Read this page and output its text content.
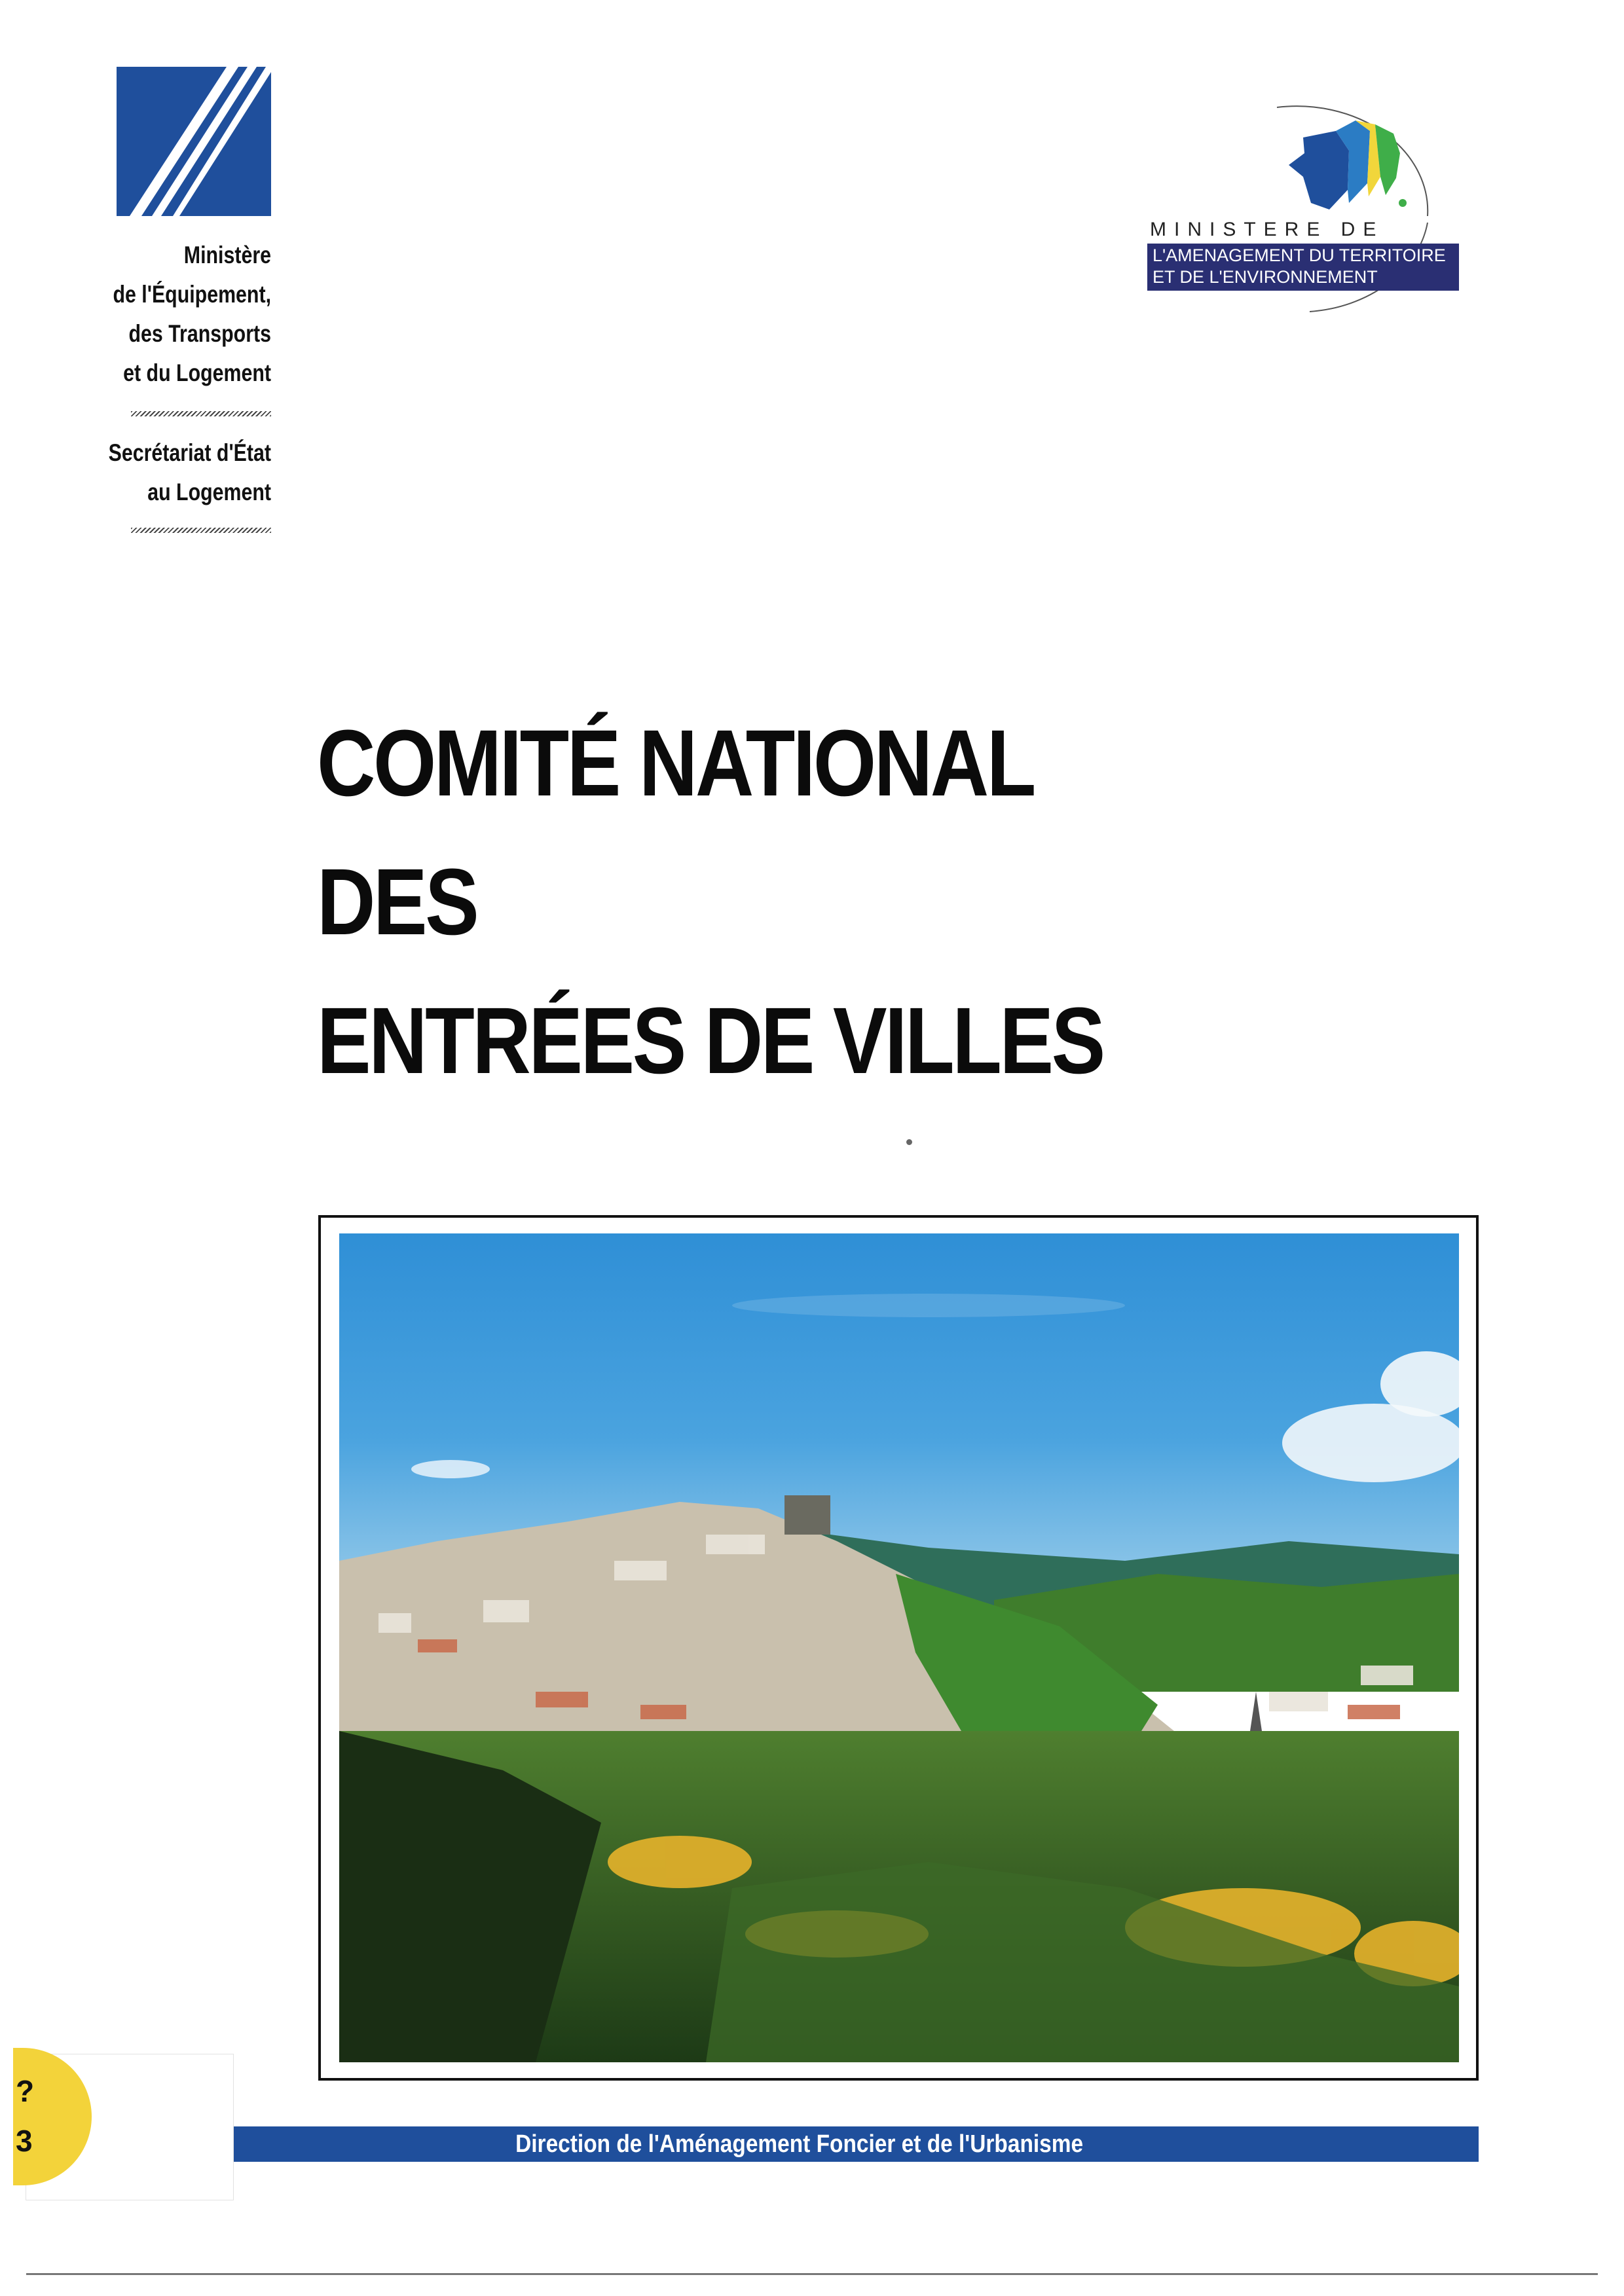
Ministère
de l'Équipement,
des Transports
et du Logement
Secrétariat d'État
au Logement
MINISTERE DE
L'AMENAGEMENT DU TERRITOIRE
ET DE L'ENVIRONNEMENT
COMITÉ NATIONAL
DES
ENTRÉES DE VILLES
Direction de l'Aménagement Foncier et de l'Urbanisme
?
3
